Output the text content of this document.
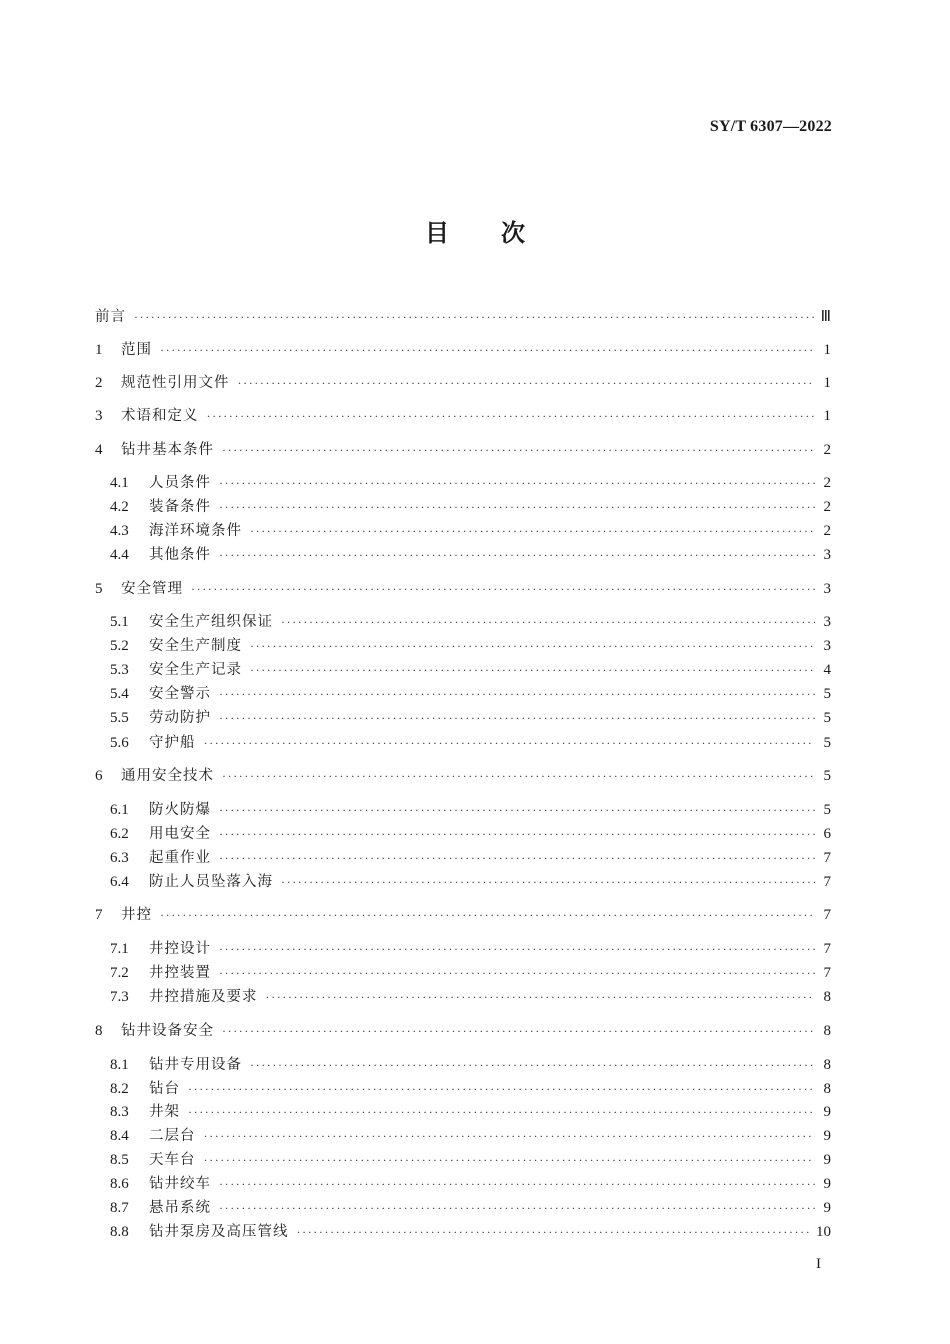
SY/T 6307—2022
目 次
前言 ·····	Ⅲ
1 范围 ·····	1
2 规范性引用文件 ·····	1
3 术语和定义 ·····	1
4 钻井基本条件 ·····	2
4.1 人员条件 ·····	2
4.2 装备条件 ·····	2
4.3 海洋环境条件 ·····	2
4.4 其他条件 ·····	3
5 安全管理 ·····	3
5.1 安全生产组织保证 ·····	3
5.2 安全生产制度 ·····	3
5.3 安全生产记录 ·····	4
5.4 安全警示 ·····	5
5.5 劳动防护 ·····	5
5.6 守护船 ·····	5
6 通用安全技术 ·····	5
6.1 防火防爆 ·····	5
6.2 用电安全 ·····	6
6.3 起重作业 ·····	7
6.4 防止人员坠落入海 ·····	7
7 井控 ·····	7
7.1 井控设计 ·····	7
7.2 井控装置 ·····	7
7.3 井控措施及要求 ·····	8
8 钻井设备安全 ·····	8
8.1 钻井专用设备 ·····	8
8.2 钻台 ·····	8
8.3 井架 ·····	9
8.4 二层台 ·····	9
8.5 天车台 ·····	9
8.6 钻井绞车 ·····	9
8.7 悬吊系统 ·····	9
8.8 钻井泵房及高压管线 ·····	10
I
